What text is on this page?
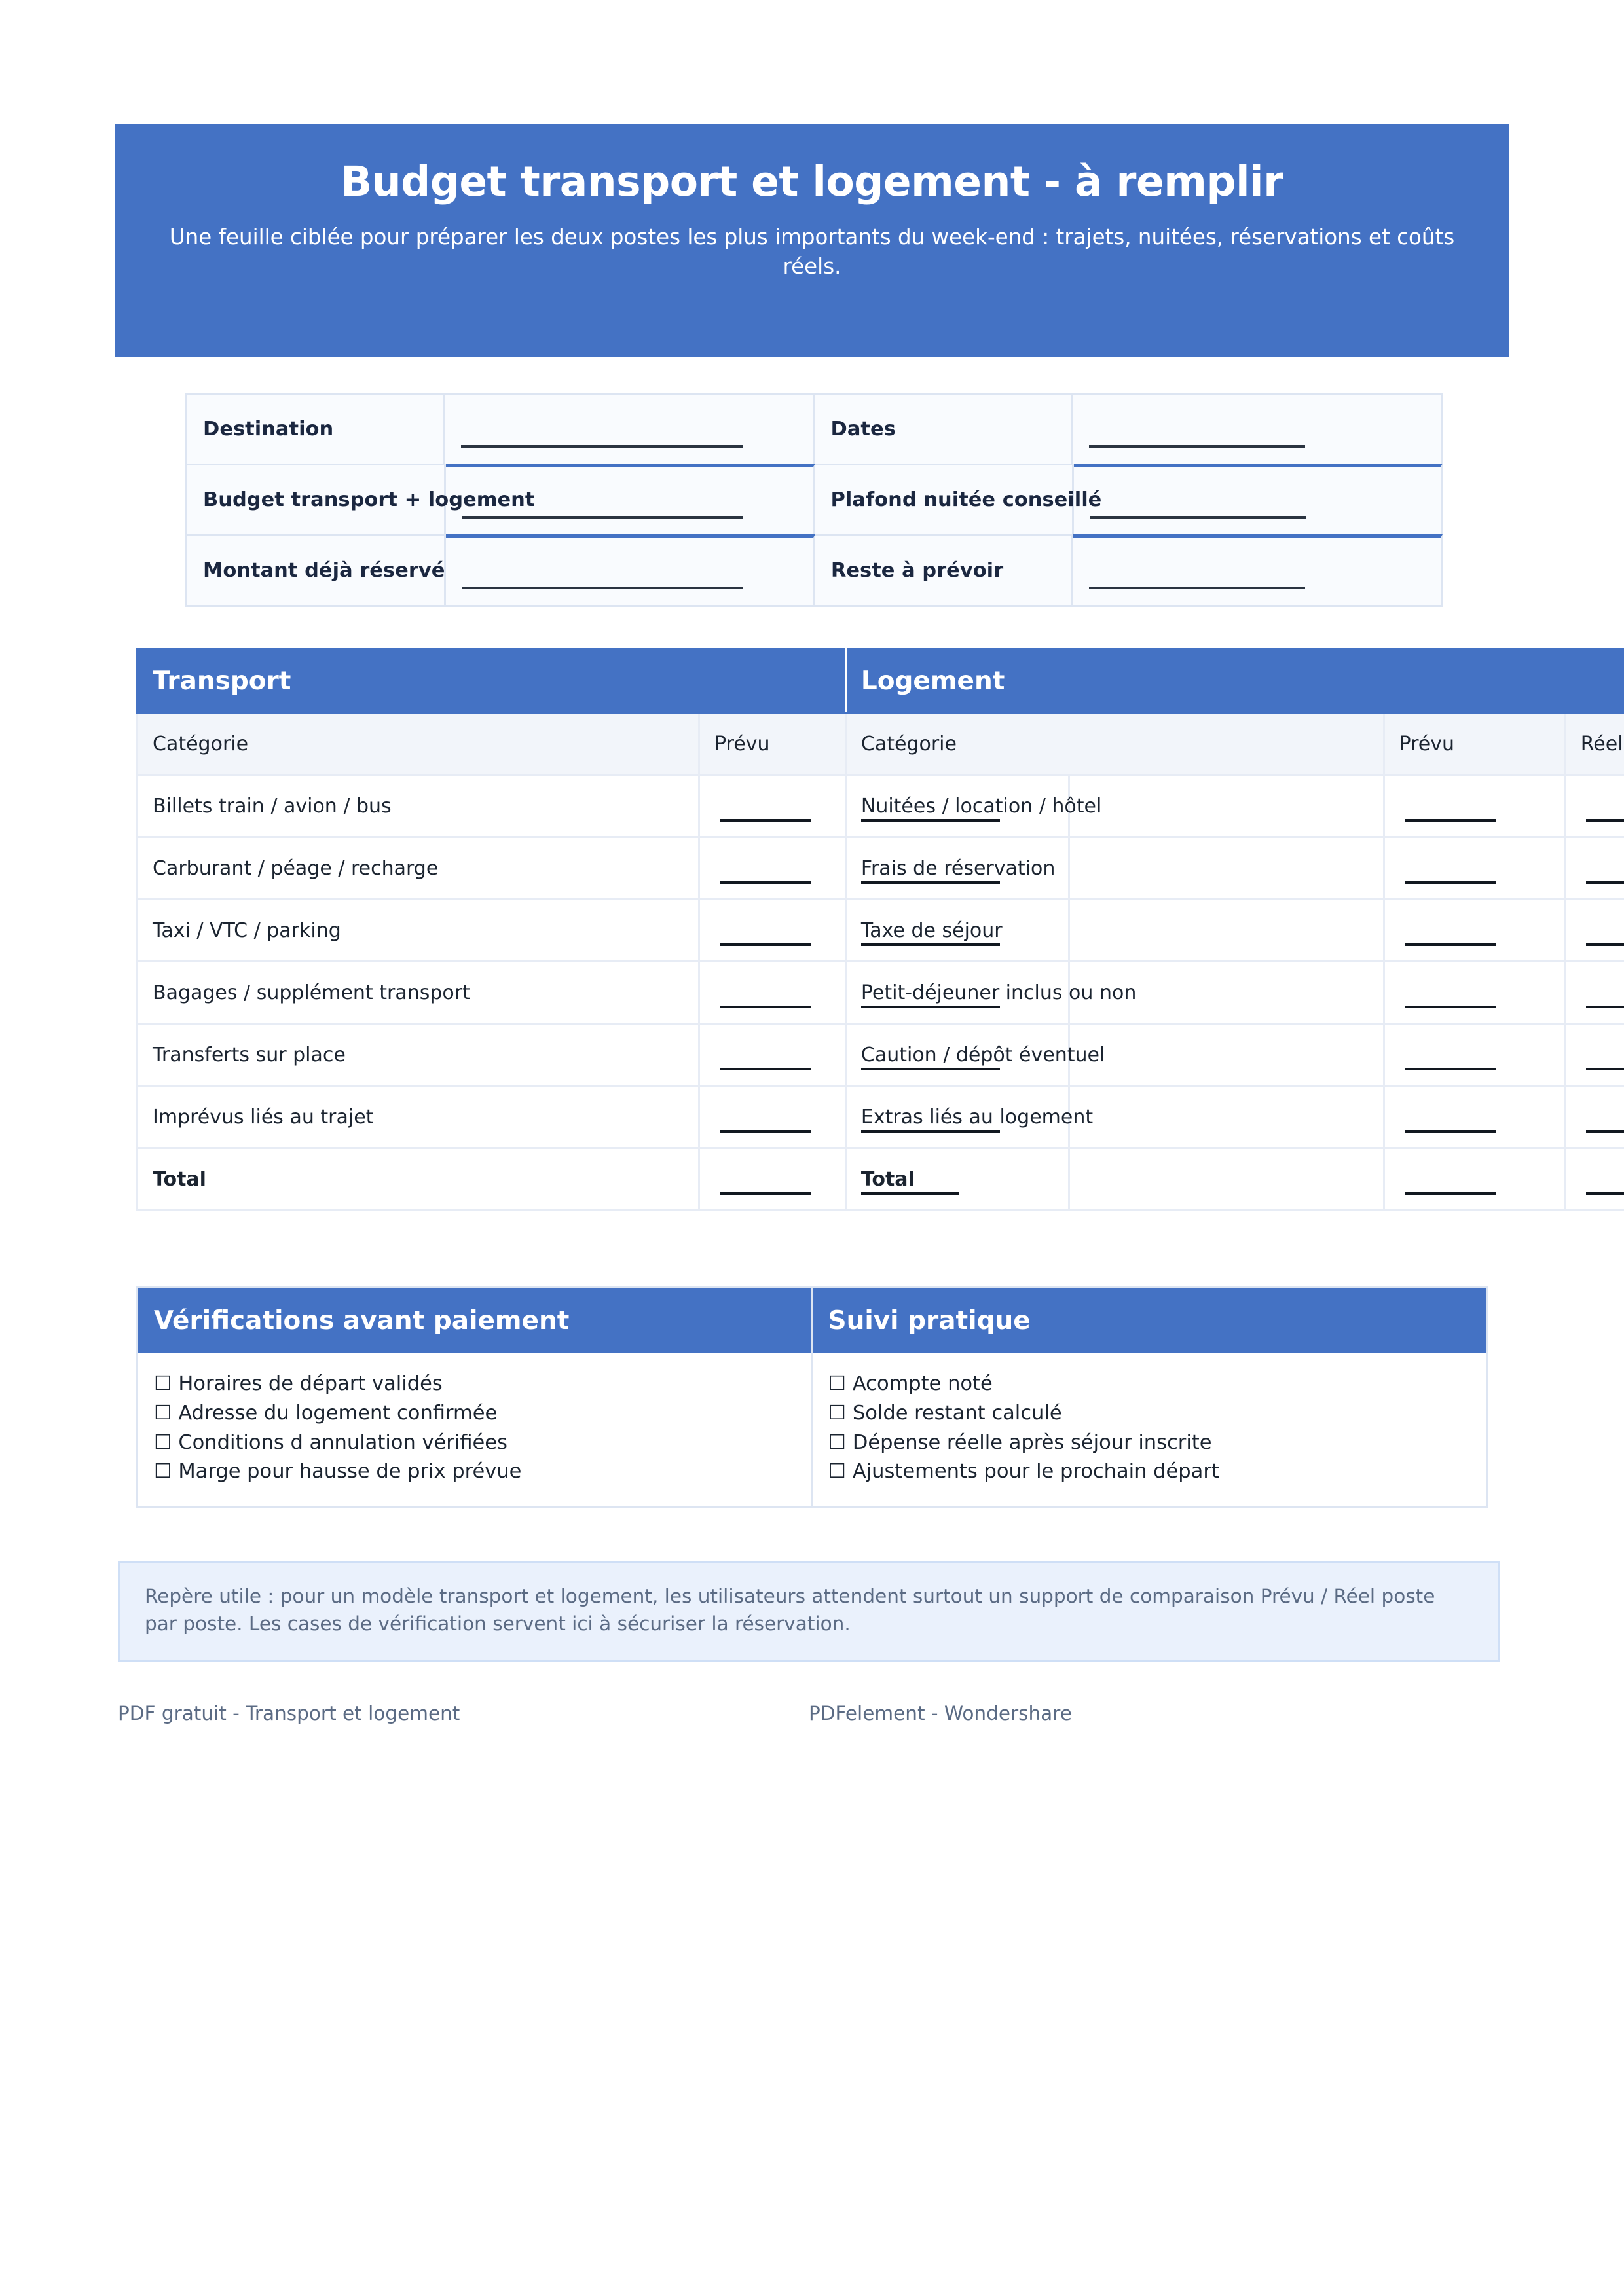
Budget transport et logement - à remplir
Une feuille ciblée pour préparer les deux postes les plus importants du week-end : trajets, nuitées, réservations et coûts réels.
Destination	Dates
Budget transport + logement	Plafond nuitée conseillé
Montant déjà réservé	Reste à prévoir
Transport		Logement			
Catégorie	Prévu	Catégorie		Prévu	Réel
Billets train / avion / bus		Nuitées / location / hôtel

Carburant / péage / recharge		Frais de réservation

Taxi / VTC / parking		Taxe de séjour

Bagages / supplément transport		Petit-déjeuner inclus ou non

Transferts sur place		Caution / dépôt éventuel

Imprévus liés au trajet		Extras liés au logement

Total		Total

Vérifications avant paiement
☐ Horaires de départ validés
☐ Adresse du logement confirmée
☐ Conditions d annulation vérifiées
☐ Marge pour hausse de prix prévue
Suivi pratique
☐ Acompte noté
☐ Solde restant calculé
☐ Dépense réelle après séjour inscrite
☐ Ajustements pour le prochain départ
Repère utile : pour un modèle transport et logement, les utilisateurs attendent surtout un support de comparaison Prévu / Réel poste par poste. Les cases de vérification servent ici à sécuriser la réservation.
PDF gratuit - Transport et logement	PDFelement - Wondershare
